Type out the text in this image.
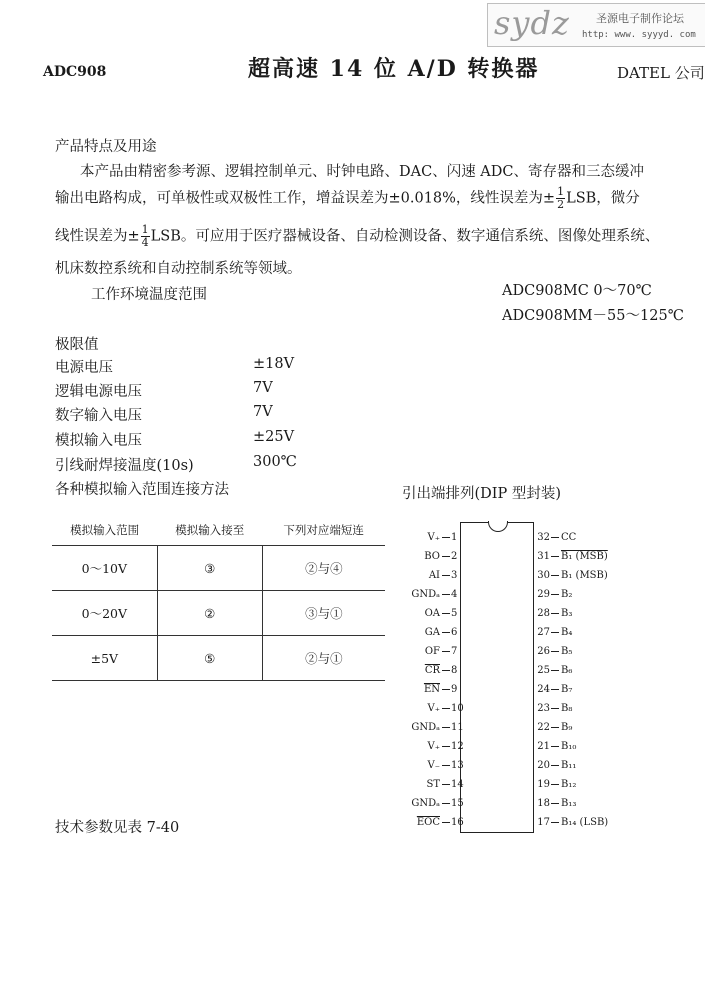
sydz 圣源电子制作论坛
http: www. syyyd. com
ADC908	超高速 14 位 A/D 转换器	DATEL 公司
产品特点及用途
本产品由精密参考源、逻辑控制单元、时钟电路、DAC、闪速 ADC、寄存器和三态缓冲
输出电路构成，可单极性或双极性工作，增益误差为±0.018%，线性误差为± $\frac{1}{2}$ LSB，微分
线性误差为± $\frac{1}{4}$ LSB。可应用于医疗器械设备、自动检测设备、数字通信系统、图像处理系统、
机床数控系统和自动控制系统等领域。
工作环境温度范围	ADC908MC 0～70℃
ADC908MM－55～125℃
极限值
电源电压	±18V
逻辑电源电压	7V
数字输入电压	7V
模拟输入电压	±25V
引线耐焊接温度(10s)	300℃
各种模拟输入范围连接方法
模拟输入范围	模拟输入接至	下列对应端短连
0～10V	③	②与④
0～20V	②	③与①
±5V	⑤	②与①
引出端排列(DIP 型封装)
V₊ 1
BO 2
AI 3
GNDₐ 4
OA 5
GA 6
OF 7
$\overline{CR}$ 8
$\overline{EN}$ 9
V₊ 10
GNDₐ 11
V₊ 12
V₋ 13
ST 14
GNDₐ 15
$\overline{EOC}$ 16
32 CC
31 B₁ (MSB)
30 B₁ (MSB)
29 B₂
28 B₃
27 B₄
26 B₅
25 B₆
24 B₇
23 B₈
22 B₉
21 B₁₀
20 B₁₁
19 B₁₂
18 B₁₃
17 B₁₄ (LSB)
技术参数见表 7-40
